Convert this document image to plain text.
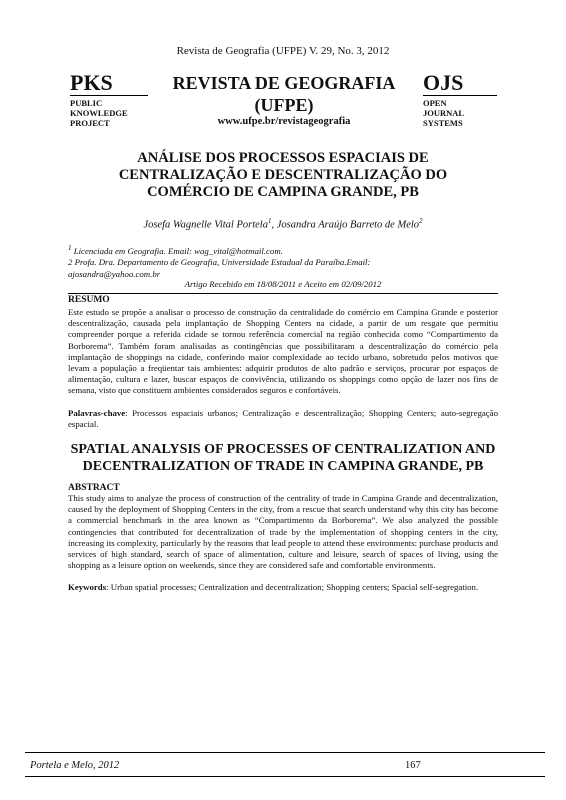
Revista de Geografia (UFPE) V. 29, No. 3, 2012
PKS
PUBLIC
KNOWLEDGE
PROJECT
REVISTA DE GEOGRAFIA
(UFPE)
www.ufpe.br/revistageografia
OJS
OPEN
JOURNAL
SYSTEMS
ANÁLISE DOS PROCESSOS ESPACIAIS DE
CENTRALIZAÇÃO E DESCENTRALIZAÇÃO DO
COMÉRCIO DE CAMPINA GRANDE, PB
Josefa Wagnelle Vital Portela$^1$, Josandra Araújo Barreto de Melo$^2$
$^1$ Licenciada em Geografia. Email: wag_vital@hotmail.com.
2 Profa. Dra. Departamento de Geografia, Universidade Estadual da Paraíba.Email:
ajosandra@yahoo.com.br
Artigo Recebido em 18/08/2011 e Aceito em 02/09/2012
RESUMO
Este estudo se propõe a analisar o processo de construção da centralidade do comércio em Campina Grande e posterior descentralização, causada pela implantação de Shopping Centers na cidade, a partir de um resgate que permitiu compreender porque a referida cidade se tornou referência comercial na região conhecida como “Compartimento da Borborema”. Também foram analisadas as contingências que possibilitaram a descentralização do comércio pela implantação de shoppings na cidade, conferindo maior complexidade ao tecido urbano, sobretudo pelos motivos que levam a população a freqüentar tais ambientes: adquirir produtos de alto padrão e serviços, procurar por espaços de alimentação, cultura e lazer, buscar espaços de convivência, utilizando os shoppings como opção de lazer nos fins de semana, visto que constituem ambientes considerados seguros e confortáveis.
Palavras-chave: Processos espaciais urbanos; Centralização e descentralização; Shopping Centers; auto-segregação espacial.
SPATIAL ANALYSIS OF PROCESSES OF CENTRALIZATION AND
DECENTRALIZATION OF TRADE IN CAMPINA GRANDE, PB
ABSTRACT
This study aims to analyze the process of construction of the centrality of trade in Campina Grande and decentralization, caused by the deployment of Shopping Centers in the city, from a rescue that search understand why this city has become a commercial benchmark in the area known as “Compartimento da Borborema”. We also analyzed the possible contingencies that contributed for decentralization of trade by the implementation of shopping centers in the city, increasing its complexity, particularly by the reasons that lead people to attend these environments: purchase products and services of high standard, search of space of alimentation, culture and leisure, search of spaces of living, using the shopping as a leisure option on weekends, since they are considered safe and comfortable environments.
Keywords: Urban spatial processes; Centralization and decentralization; Shopping centers; Spacial self-segregation.
Portela e Melo, 2012	167
